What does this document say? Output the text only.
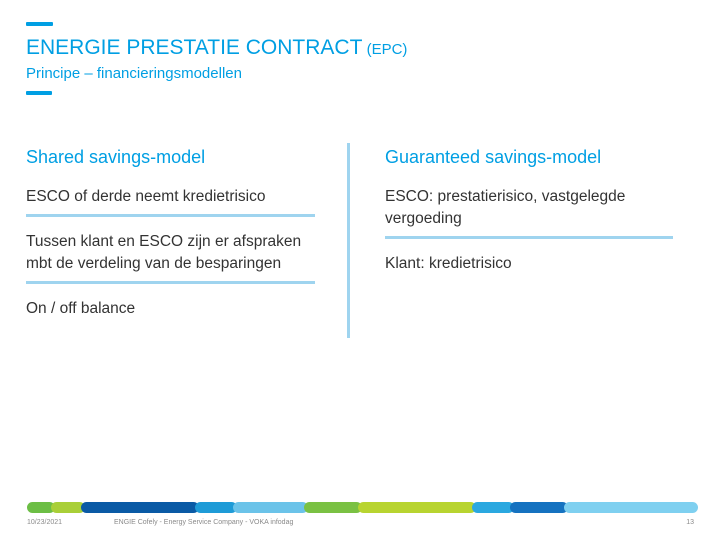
ENERGIE PRESTATIE CONTRACT (EPC)
Principe – financieringsmodellen
Shared savings-model
ESCO of derde neemt kredietrisico
Tussen klant en ESCO zijn er afspraken mbt de verdeling van de besparingen
On / off balance
Guaranteed savings-model
ESCO: prestatierisico, vastgelegde vergoeding
Klant: kredietrisico
10/23/2021	ENGIE Cofely - Energy Service Company - VOKA infodag	13
